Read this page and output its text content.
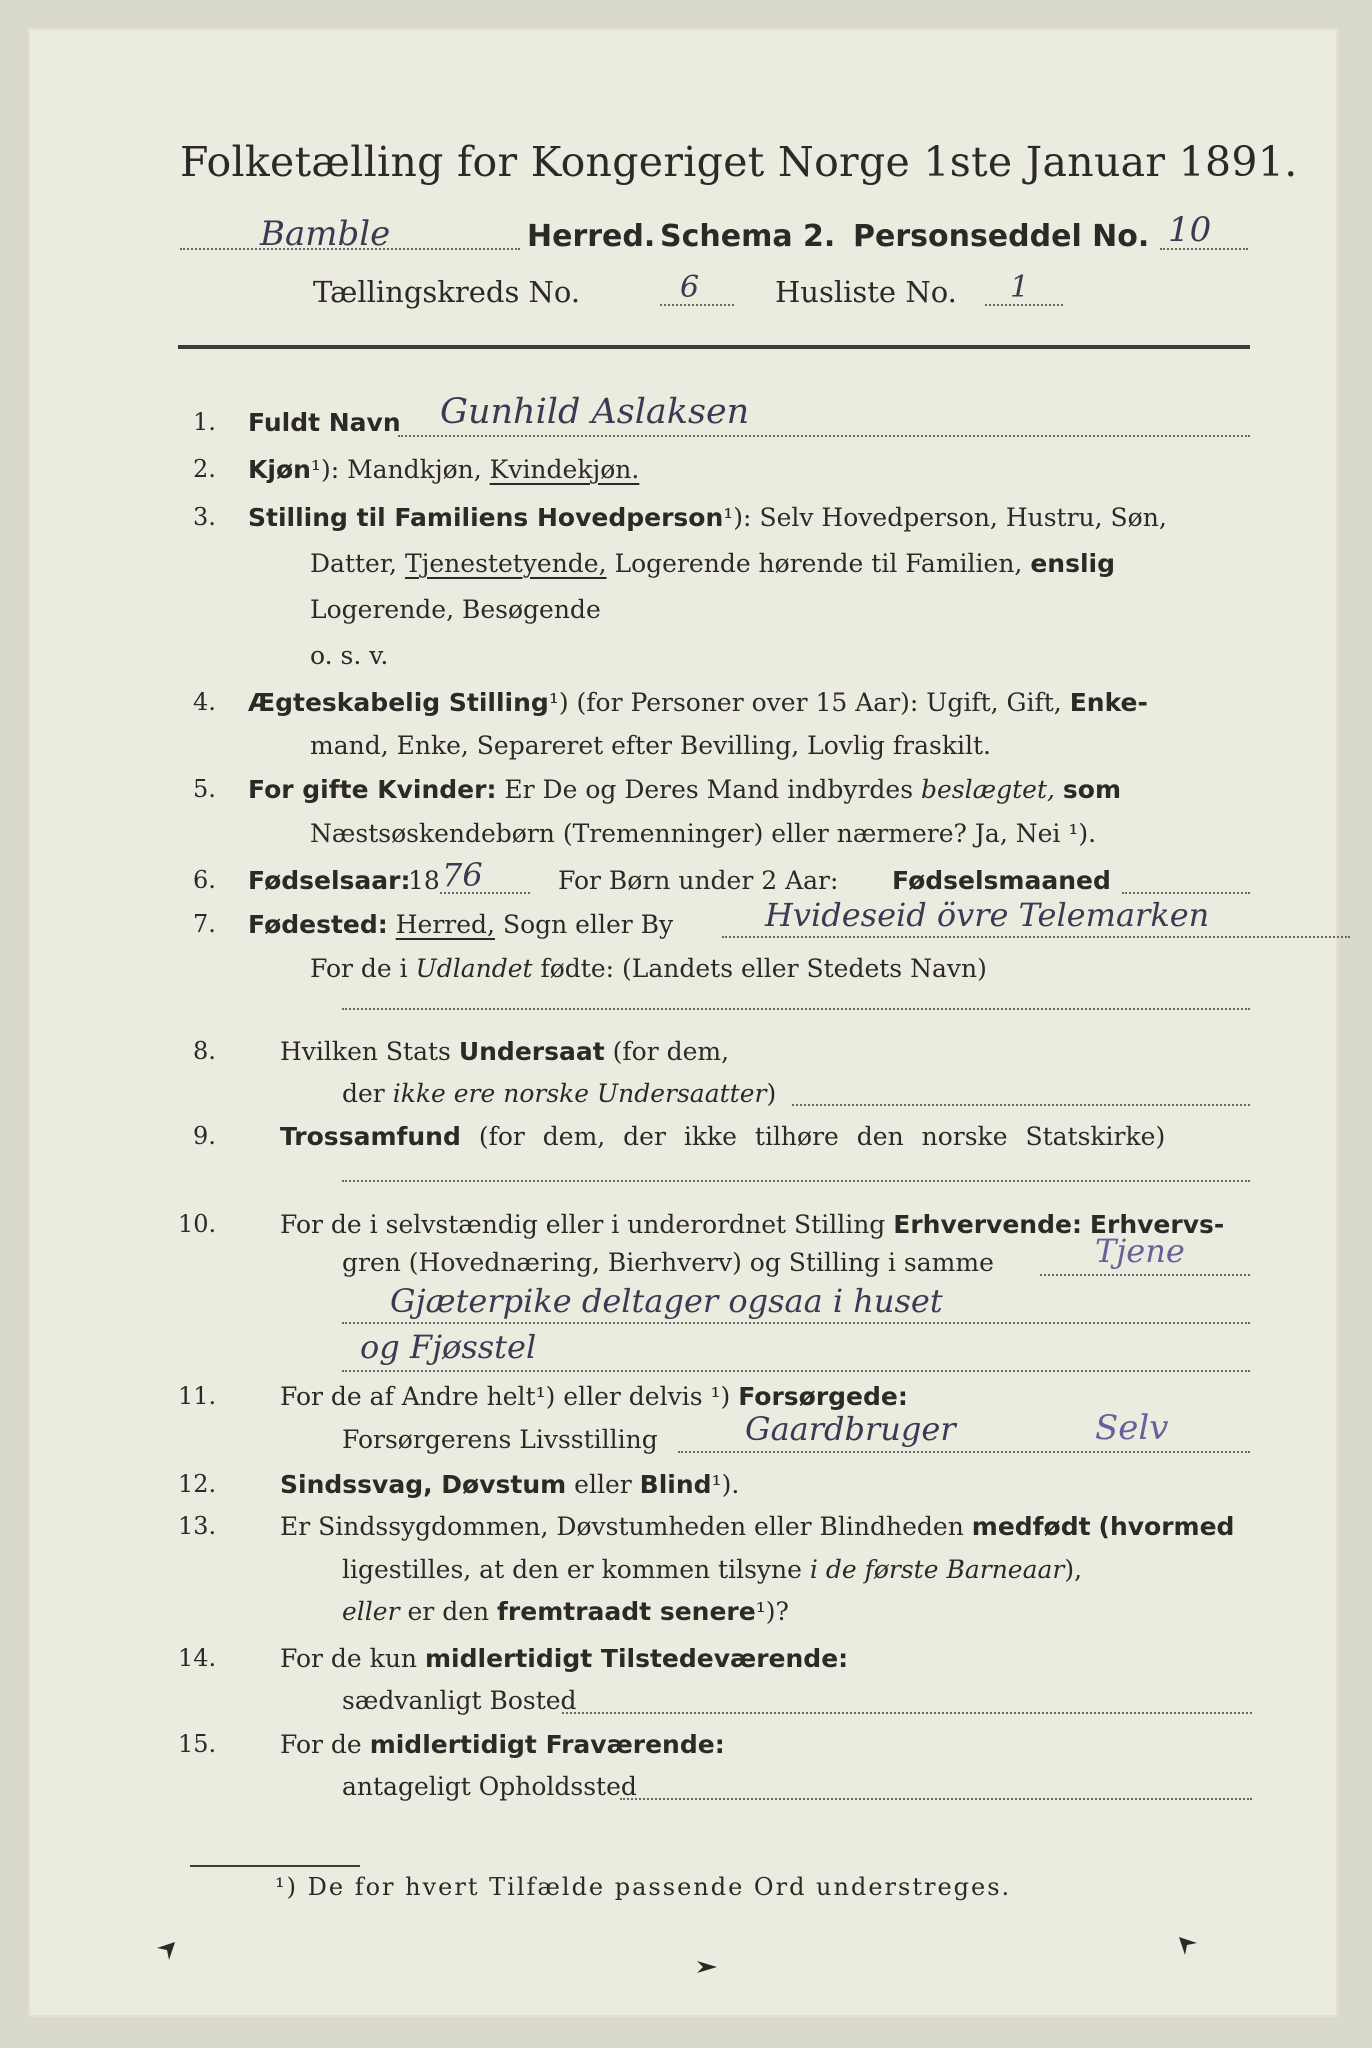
Folketælling for Kongeriget Norge 1ste Januar 1891.
Bamble	Herred. Schema 2. Personseddel No. 10
Tællingskreds No.	6	Husliste No. 1
1. Fuldt Navn Gunhild Aslaksen
2. Kjøn¹): Mandkjøn, Kvindekjøn.
3. Stilling til Familiens Hovedperson¹): Selv Hovedperson, Hustru, Søn,
Datter, Tjenestetyende, Logerende hørende til Familien, enslig
Logerende, Besøgende
o. s. v.
4. Ægteskabelig Stilling¹) (for Personer over 15 Aar): Ugift, Gift, Enke-
mand, Enke, Separeret efter Bevilling, Lovlig fraskilt.
5. For gifte Kvinder: Er De og Deres Mand indbyrdes beslægtet, som
Næstsøskendebørn (Tremenninger) eller nærmere? Ja, Nei ¹).
6. Fødselsaar:
18 76	For Børn under 2 Aar: Fødselsmaaned
7. Fødested: Herred, Sogn eller By	Hvideseid övre Telemarken
For de i Udlandet fødte: (Landets eller Stedets Navn)
8.	Hvilken Stats Undersaat (for dem,
der ikke ere norske Undersaatter)
9.	Trossamfund (for dem, der ikke tilhøre den norske Statskirke)
10.	For de i selvstændig eller i underordnet Stilling Erhvervende: Erhvervs-
gren (Hovednæring, Bierhverv) og Stilling i samme	Tjene
Gjæterpike deltager ogsaa i huset
og Fjøsstel
11.	For de af Andre helt¹) eller delvis ¹) Forsørgede:
Forsørgerens Livsstilling	Gaardbruger	Selv
12.	Sindssvag, Døvstum eller Blind¹).
13.	Er Sindssygdommen, Døvstumheden eller Blindheden medfødt (hvormed
ligestilles, at den er kommen tilsyne i de første Barneaar),
eller er den fremtraadt senere¹)?
14.	For de kun midlertidigt Tilstedeværende:
sædvanligt Bosted
15.	For de midlertidigt Fraværende:
antageligt Opholdssted
¹) De for hvert Tilfælde passende Ord understreges.
